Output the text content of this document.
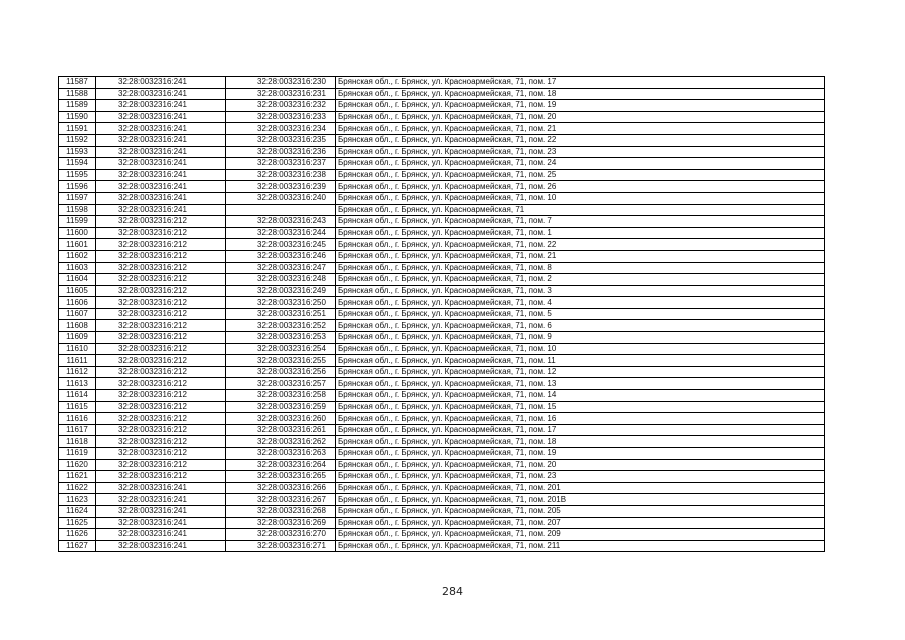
11587	32:28:0032316:241	32:28:0032316:230	Брянская обл., г. Брянск, ул. Красноармейская, 71, пом. 17
11588	32:28:0032316:241	32:28:0032316:231	Брянская обл., г. Брянск, ул. Красноармейская, 71, пом. 18
11589	32:28:0032316:241	32:28:0032316:232	Брянская обл., г. Брянск, ул. Красноармейская, 71, пом. 19
11590	32:28:0032316:241	32:28:0032316:233	Брянская обл., г. Брянск, ул. Красноармейская, 71, пом. 20
11591	32:28:0032316:241	32:28:0032316:234	Брянская обл., г. Брянск, ул. Красноармейская, 71, пом. 21
11592	32:28:0032316:241	32:28:0032316:235	Брянская обл., г. Брянск, ул. Красноармейская, 71, пом. 22
11593	32:28:0032316:241	32:28:0032316:236	Брянская обл., г. Брянск, ул. Красноармейская, 71, пом. 23
11594	32:28:0032316:241	32:28:0032316:237	Брянская обл., г. Брянск, ул. Красноармейская, 71, пом. 24
11595	32:28:0032316:241	32:28:0032316:238	Брянская обл., г. Брянск, ул. Красноармейская, 71, пом. 25
11596	32:28:0032316:241	32:28:0032316:239	Брянская обл., г. Брянск, ул. Красноармейская, 71, пом. 26
11597	32:28:0032316:241	32:28:0032316:240	Брянская обл., г. Брянск, ул. Красноармейская, 71, пом. 10
11598	32:28:0032316:241		Брянская обл., г. Брянск, ул. Красноармейская, 71
11599	32:28:0032316:212	32:28:0032316:243	Брянская обл., г. Брянск, ул. Красноармейская, 71, пом. 7
11600	32:28:0032316:212	32:28:0032316:244	Брянская обл., г. Брянск, ул. Красноармейская, 71, пом. 1
11601	32:28:0032316:212	32:28:0032316:245	Брянская обл., г. Брянск, ул. Красноармейская, 71, пом. 22
11602	32:28:0032316:212	32:28:0032316:246	Брянская обл., г. Брянск, ул. Красноармейская, 71, пом. 21
11603	32:28:0032316:212	32:28:0032316:247	Брянская обл., г. Брянск, ул. Красноармейская, 71, пом. 8
11604	32:28:0032316:212	32:28:0032316:248	Брянская обл., г. Брянск, ул. Красноармейская, 71, пом. 2
11605	32:28:0032316:212	32:28:0032316:249	Брянская обл., г. Брянск, ул. Красноармейская, 71, пом. 3
11606	32:28:0032316:212	32:28:0032316:250	Брянская обл., г. Брянск, ул. Красноармейская, 71, пом. 4
11607	32:28:0032316:212	32:28:0032316:251	Брянская обл., г. Брянск, ул. Красноармейская, 71, пом. 5
11608	32:28:0032316:212	32:28:0032316:252	Брянская обл., г. Брянск, ул. Красноармейская, 71, пом. 6
11609	32:28:0032316:212	32:28:0032316:253	Брянская обл., г. Брянск, ул. Красноармейская, 71, пом. 9
11610	32:28:0032316:212	32:28:0032316:254	Брянская обл., г. Брянск, ул. Красноармейская, 71, пом. 10
11611	32:28:0032316:212	32:28:0032316:255	Брянская обл., г. Брянск, ул. Красноармейская, 71, пом. 11
11612	32:28:0032316:212	32:28:0032316:256	Брянская обл., г. Брянск, ул. Красноармейская, 71, пом. 12
11613	32:28:0032316:212	32:28:0032316:257	Брянская обл., г. Брянск, ул. Красноармейская, 71, пом. 13
11614	32:28:0032316:212	32:28:0032316:258	Брянская обл., г. Брянск, ул. Красноармейская, 71, пом. 14
11615	32:28:0032316:212	32:28:0032316:259	Брянская обл., г. Брянск, ул. Красноармейская, 71, пом. 15
11616	32:28:0032316:212	32:28:0032316:260	Брянская обл., г. Брянск, ул. Красноармейская, 71, пом. 16
11617	32:28:0032316:212	32:28:0032316:261	Брянская обл., г. Брянск, ул. Красноармейская, 71, пом. 17
11618	32:28:0032316:212	32:28:0032316:262	Брянская обл., г. Брянск, ул. Красноармейская, 71, пом. 18
11619	32:28:0032316:212	32:28:0032316:263	Брянская обл., г. Брянск, ул. Красноармейская, 71, пом. 19
11620	32:28:0032316:212	32:28:0032316:264	Брянская обл., г. Брянск, ул. Красноармейская, 71, пом. 20
11621	32:28:0032316:212	32:28:0032316:265	Брянская обл., г. Брянск, ул. Красноармейская, 71, пом. 23
11622	32:28:0032316:241	32:28:0032316:266	Брянская обл., г. Брянск, ул. Красноармейская, 71, пом. 201
11623	32:28:0032316:241	32:28:0032316:267	Брянская обл., г. Брянск, ул. Красноармейская, 71, пом. 201В
11624	32:28:0032316:241	32:28:0032316:268	Брянская обл., г. Брянск, ул. Красноармейская, 71, пом. 205
11625	32:28:0032316:241	32:28:0032316:269	Брянская обл., г. Брянск, ул. Красноармейская, 71, пом. 207
11626	32:28:0032316:241	32:28:0032316:270	Брянская обл., г. Брянск, ул. Красноармейская, 71, пом. 209
11627	32:28:0032316:241	32:28:0032316:271	Брянская обл., г. Брянск, ул. Красноармейская, 71, пом. 211
284
